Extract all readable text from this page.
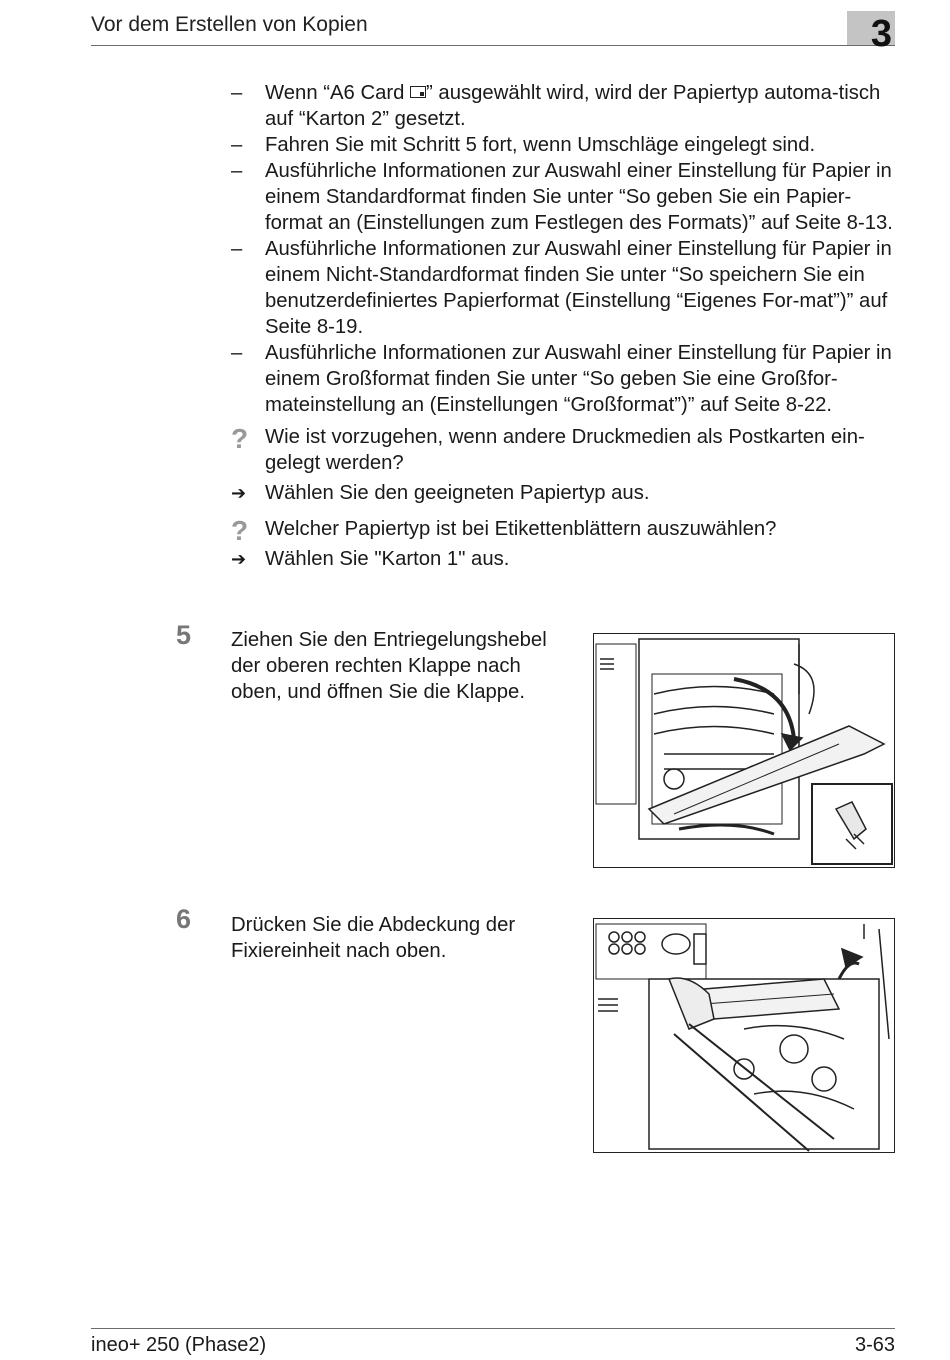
Vor dem Erstellen von Kopien	3
– Wenn “A6 Card ” ausgewählt wird, wird der Papiertyp automa-tisch auf “Karton 2” gesetzt.
– Fahren Sie mit Schritt 5 fort, wenn Umschläge eingelegt sind.
– Ausführliche Informationen zur Auswahl einer Einstellung für Papier in einem Standardformat finden Sie unter “So geben Sie ein Papier-format an (Einstellungen zum Festlegen des Formats)” auf Seite 8-13.
– Ausführliche Informationen zur Auswahl einer Einstellung für Papier in einem Nicht-Standardformat finden Sie unter “So speichern Sie ein benutzerdefiniertes Papierformat (Einstellung “Eigenes For-mat”)” auf Seite 8-19.
– Ausführliche Informationen zur Auswahl einer Einstellung für Papier in einem Großformat finden Sie unter “So geben Sie eine Großfor-mateinstellung an (Einstellungen “Großformat”)” auf Seite 8-22.
? Wie ist vorzugehen, wenn andere Druckmedien als Postkarten ein-gelegt werden?
➔ Wählen Sie den geeigneten Papiertyp aus.
? Welcher Papiertyp ist bei Etikettenblättern auszuwählen?
➔ Wählen Sie "Karton 1" aus.
5 Ziehen Sie den Entriegelungshebel der oberen rechten Klappe nach oben, und öffnen Sie die Klappe.
6 Drücken Sie die Abdeckung der Fixiereinheit nach oben.
ineo+ 250 (Phase2)	3-63
